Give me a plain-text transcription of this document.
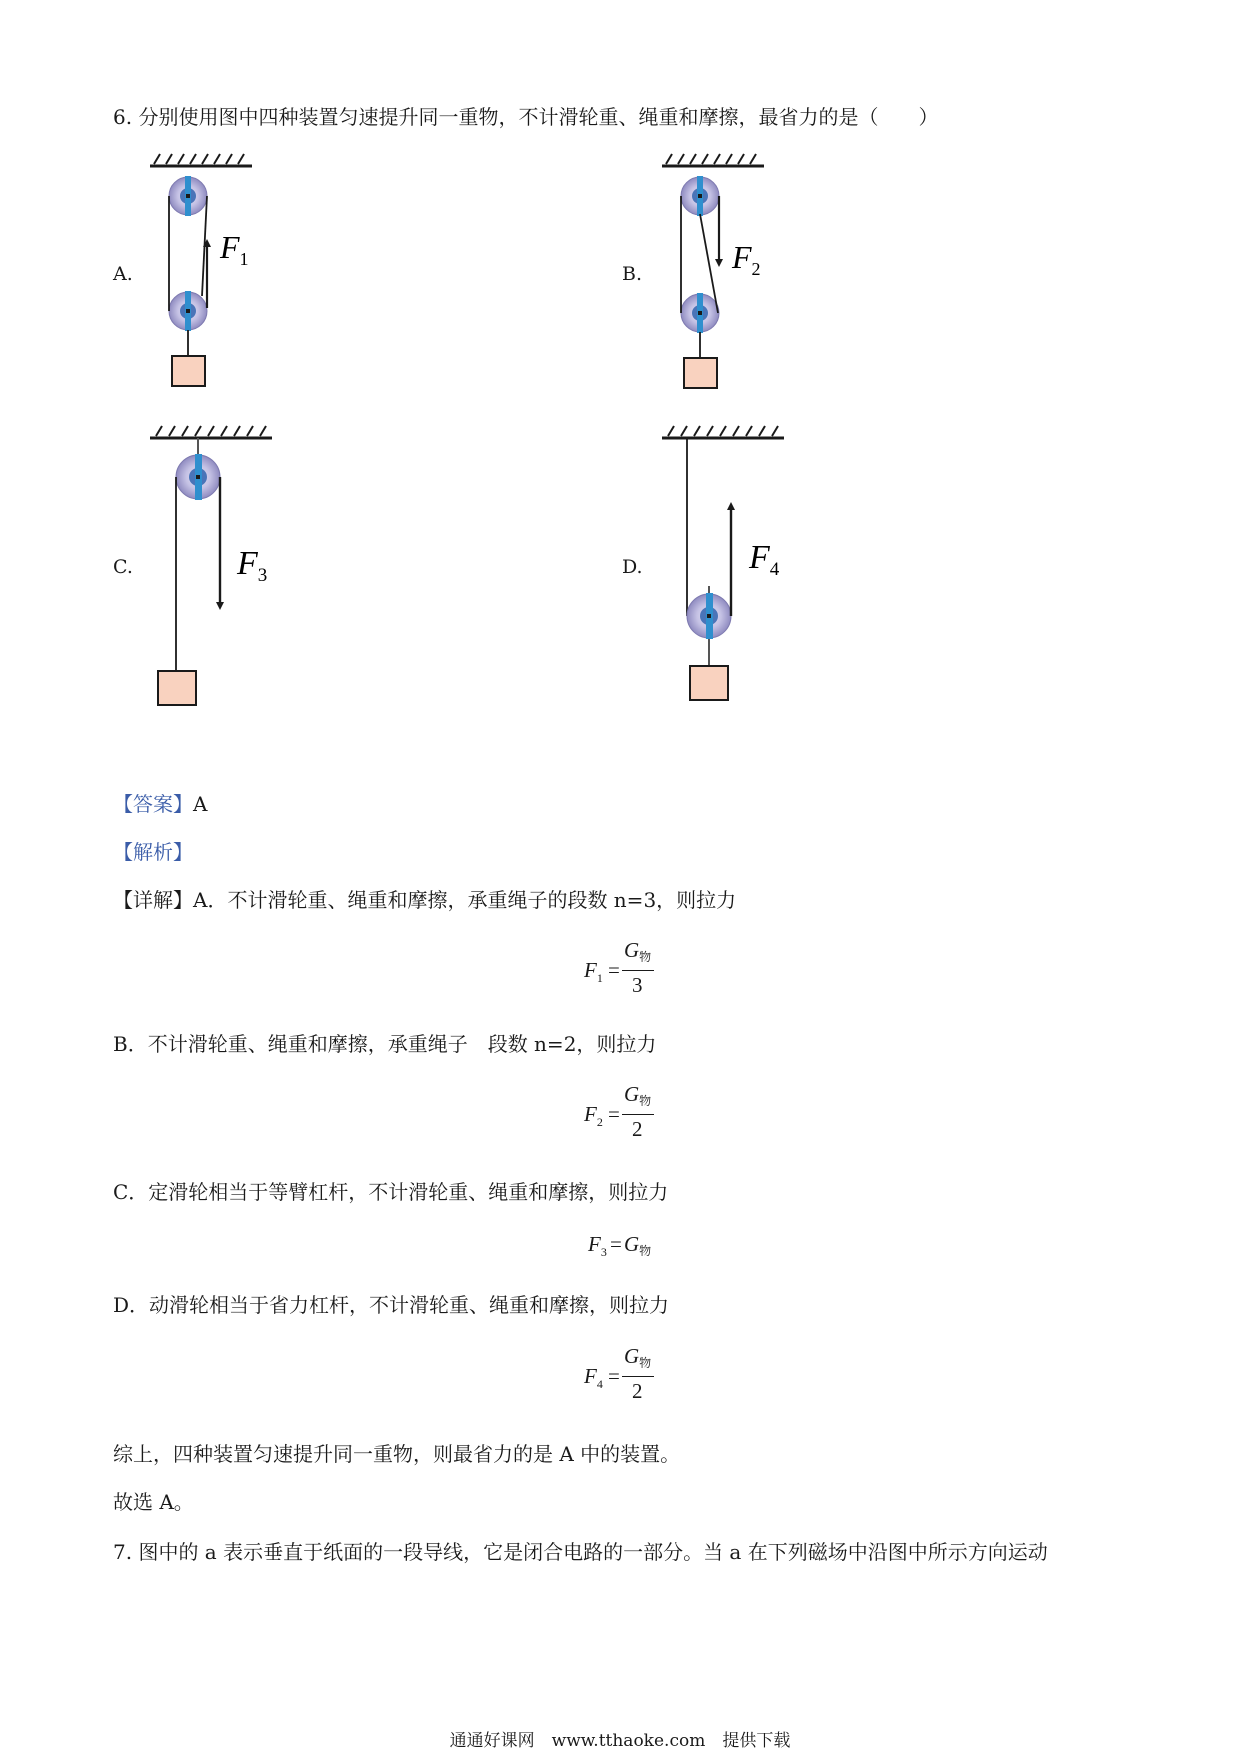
6. 分别使用图中四种装置匀速提升同一重物，不计滑轮重、绳重和摩擦，最省力的是（　　）
A.	B.
C.	D.
$F_1$	$F_2$
$F_3$	$F_4$
【答案】A
【解析】
【详解】A．不计滑轮重、绳重和摩擦，承重绳子的段数 n=3，则拉力
$F_1$ =
G物
3
B．不计滑轮重、绳重和摩擦，承重绳子　段数 n=2，则拉力
$F_2$ =
G物
2
C．定滑轮相当于等臂杠杆，不计滑轮重、绳重和摩擦，则拉力
$F_3 = G$物
D．动滑轮相当于省力杠杆，不计滑轮重、绳重和摩擦，则拉力
$F_4$ =
G物
2
综上，四种装置匀速提升同一重物，则最省力的是 A 中的装置。
故选 A。
7. 图中的 a 表示垂直于纸面的一段导线，它是闭合电路的一部分。当 a 在下列磁场中沿图中所示方向运动
通通好课网　www.tthaoke.com　提供下载
